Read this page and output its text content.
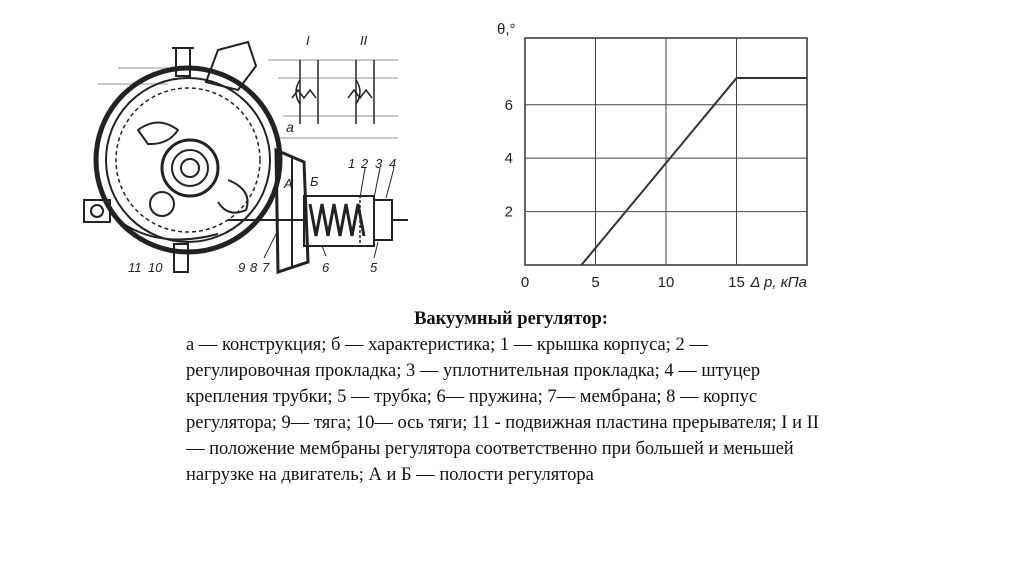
а
I	II
А Б
1 2 3 4
5
6
7
8
9
10
11
0	5	10	15
2
4
6
θ,°
Δ p, кПа
Вакуумный регулятор:
а — конструкция; б — характеристика; 1 — крышка корпуса; 2 — регулировочная прокладка; 3 — уплотнительная прокладка; 4 — штуцер крепления трубки; 5 — трубка; 6— пружина; 7— мембрана; 8 — корпус регулятора; 9— тяга; 10— ось тяги; 11 - подвижная пластина прерывателя; I и II — положение мембраны регулятора соответственно при большей и меньшей нагрузке на двигатель; А и Б — полости регулятора
